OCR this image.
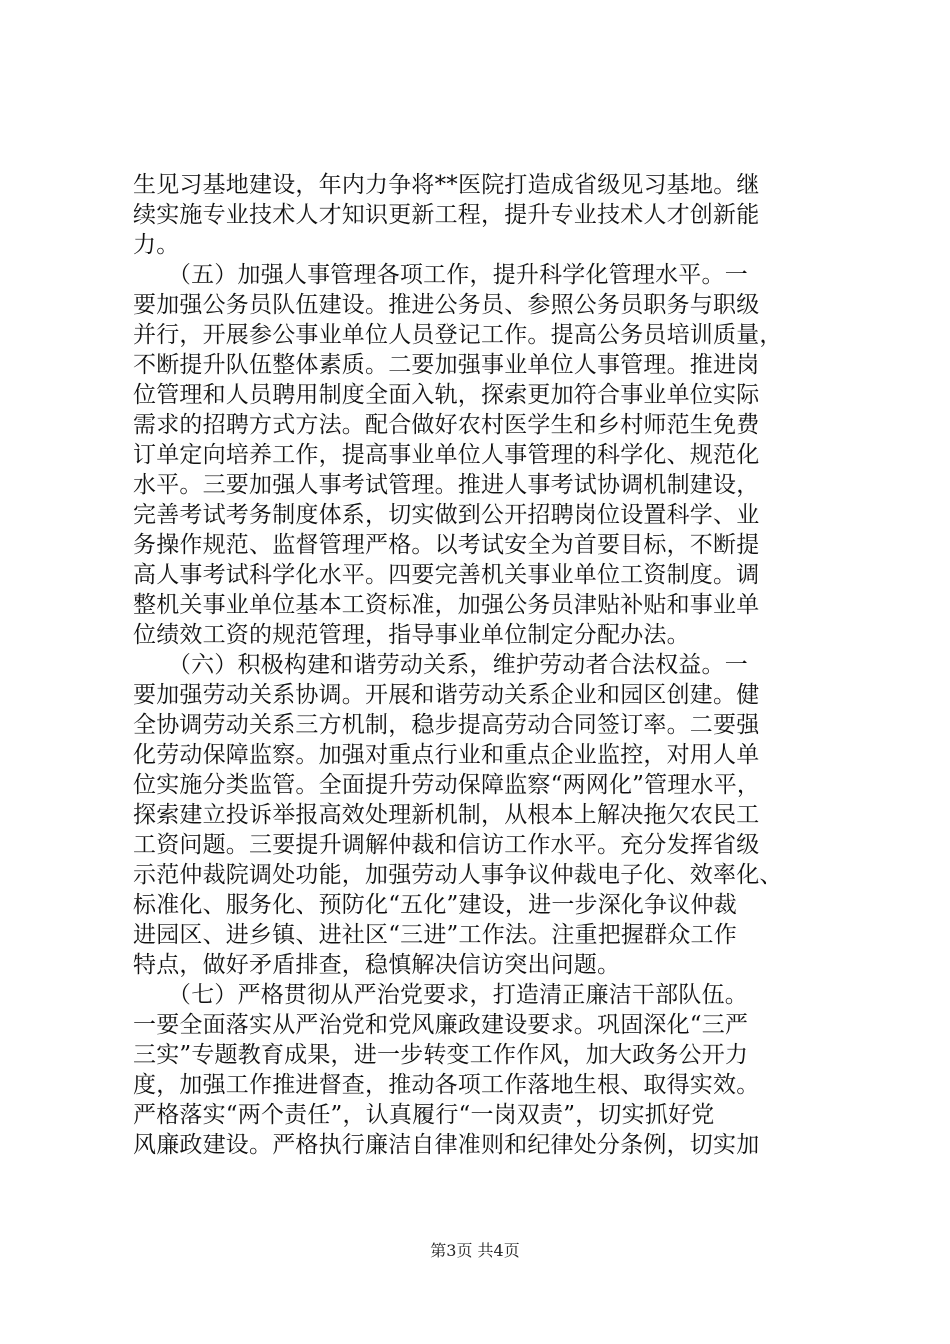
生见习基地建设，年内力争将**医院打造成省级见习基地。继
续实施专业技术人才知识更新工程，提升专业技术人才创新能
力。
　　（五）加强人事管理各项工作，提升科学化管理水平。一
要加强公务员队伍建设。推进公务员、参照公务员职务与职级
并行，开展参公事业单位人员登记工作。提高公务员培训质量，
不断提升队伍整体素质。二要加强事业单位人事管理。推进岗
位管理和人员聘用制度全面入轨，探索更加符合事业单位实际
需求的招聘方式方法。配合做好农村医学生和乡村师范生免费
订单定向培养工作，提高事业单位人事管理的科学化、规范化
水平。三要加强人事考试管理。推进人事考试协调机制建设，
完善考试考务制度体系，切实做到公开招聘岗位设置科学、业
务操作规范、监督管理严格。以考试安全为首要目标，不断提
高人事考试科学化水平。四要完善机关事业单位工资制度。调
整机关事业单位基本工资标准，加强公务员津贴补贴和事业单
位绩效工资的规范管理，指导事业单位制定分配办法。
　　（六）积极构建和谐劳动关系，维护劳动者合法权益。一
要加强劳动关系协调。开展和谐劳动关系企业和园区创建。健
全协调劳动关系三方机制，稳步提高劳动合同签订率。二要强
化劳动保障监察。加强对重点行业和重点企业监控，对用人单
位实施分类监管。全面提升劳动保障监察“两网化”管理水平，
探索建立投诉举报高效处理新机制，从根本上解决拖欠农民工
工资问题。三要提升调解仲裁和信访工作水平。充分发挥省级
示范仲裁院调处功能，加强劳动人事争议仲裁电子化、效率化、
标准化、服务化、预防化“五化”建设，进一步深化争议仲裁
进园区、进乡镇、进社区“三进”工作法。注重把握群众工作
特点，做好矛盾排查，稳慎解决信访突出问题。
　　（七）严格贯彻从严治党要求，打造清正廉洁干部队伍。
一要全面落实从严治党和党风廉政建设要求。巩固深化“三严
三实”专题教育成果，进一步转变工作作风，加大政务公开力
度，加强工作推进督查，推动各项工作落地生根、取得实效。
严格落实“两个责任”，认真履行“一岗双责”，切实抓好党
风廉政建设。严格执行廉洁自律准则和纪律处分条例，切实加
第3页 共4页
